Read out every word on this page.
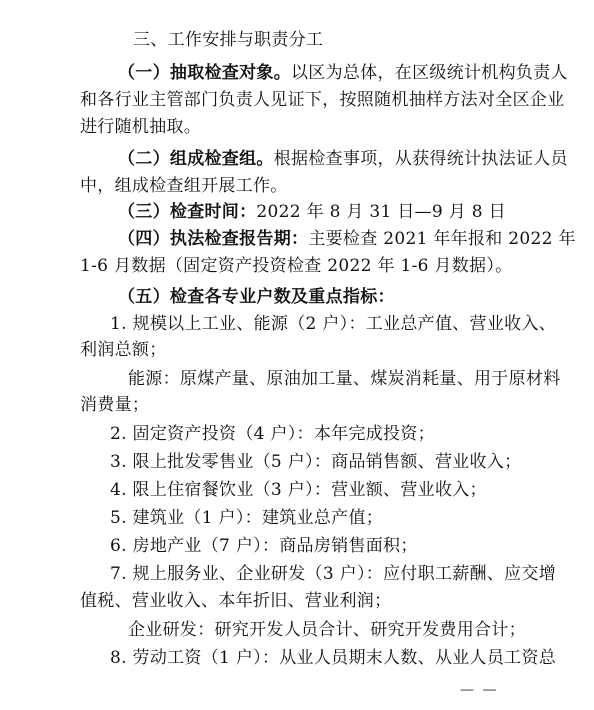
三、工作安排与职责分工
（一）抽取检查对象。以区为总体，在区级统计机构负责人
和各行业主管部门负责人见证下，按照随机抽样方法对全区企业
进行随机抽取。
（二）组成检查组。根据检查事项，从获得统计执法证人员
中，组成检查组开展工作。
（三）检查时间：2022 年 8 月 31 日—9 月 8 日
（四）执法检查报告期：主要检查 2021 年年报和 2022 年
1-6 月数据（固定资产投资检查 2022 年 1-6 月数据）。
（五）检查各专业户数及重点指标：
1. 规模以上工业、能源（2 户）：工业总产值、营业收入、
利润总额；
能源：原煤产量、原油加工量、煤炭消耗量、用于原材料
消费量；
2. 固定资产投资（4 户）：本年完成投资；
3. 限上批发零售业（5 户）：商品销售额、营业收入；
4. 限上住宿餐饮业（3 户）：营业额、营业收入；
5. 建筑业（1 户）：建筑业总产值；
6. 房地产业（7 户）：商品房销售面积；
7. 规上服务业、企业研发（3 户）：应付职工薪酬、应交增
值税、营业收入、本年折旧、营业利润；
企业研发：研究开发人员合计、研究开发费用合计；
8. 劳动工资（1 户）：从业人员期末人数、从业人员工资总
— —
